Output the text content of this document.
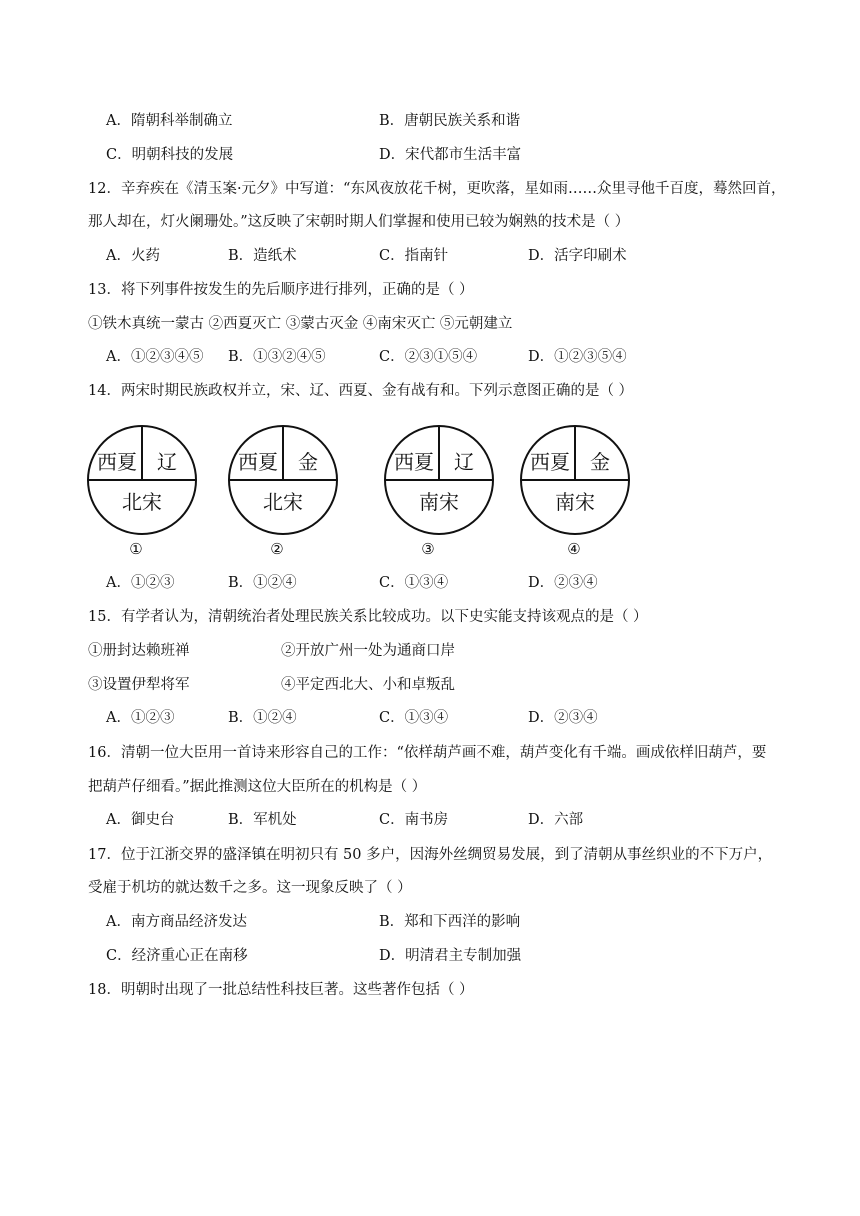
A．隋朝科举制确立	B．唐朝民族关系和谐
C．明朝科技的发展	D．宋代都市生活丰富
12．辛弃疾在《清玉案·元夕》中写道：“东风夜放花千树，更吹落，星如雨……众里寻他千百度，蓦然回首，
那人却在，灯火阑珊处。”这反映了宋朝时期人们掌握和使用已较为娴熟的技术是（ ）
A．火药	B．造纸术	C．指南针	D．活字印刷术
13．将下列事件按发生的先后顺序进行排列，正确的是（ ）
①铁木真统一蒙古 ②西夏灭亡 ③蒙古灭金 ④南宋灭亡 ⑤元朝建立
A．①②③④⑤ B．①③②④⑤	C．②③①⑤④	D．①②③⑤④
14．两宋时期民族政权并立，宋、辽、西夏、金有战有和。下列示意图正确的是（ ）
西夏	辽
北宋
①
西夏	金
北宋
②
西夏	辽
南宋
③
西夏	金
南宋
④
A．①②③	B．①②④	C．①③④	D．②③④
15．有学者认为，清朝统治者处理民族关系比较成功。以下史实能支持该观点的是（ ）
①册封达赖班禅	②开放广州一处为通商口岸
③设置伊犁将军	④平定西北大、小和卓叛乱
A．①②③	B．①②④	C．①③④	D．②③④
16．清朝一位大臣用一首诗来形容自己的工作：“依样葫芦画不难，葫芦变化有千端。画成依样旧葫芦，要
把葫芦仔细看。”据此推测这位大臣所在的机构是（ ）
A．御史台	B．军机处	C．南书房	D．六部
17．位于江浙交界的盛泽镇在明初只有 50 多户，因海外丝绸贸易发展，到了清朝从事丝织业的不下万户，
受雇于机坊的就达数千之多。这一现象反映了（ ）
A．南方商品经济发达	B．郑和下西洋的影响
C．经济重心正在南移	D．明清君主专制加强
18．明朝时出现了一批总结性科技巨著。这些著作包括（ ）
